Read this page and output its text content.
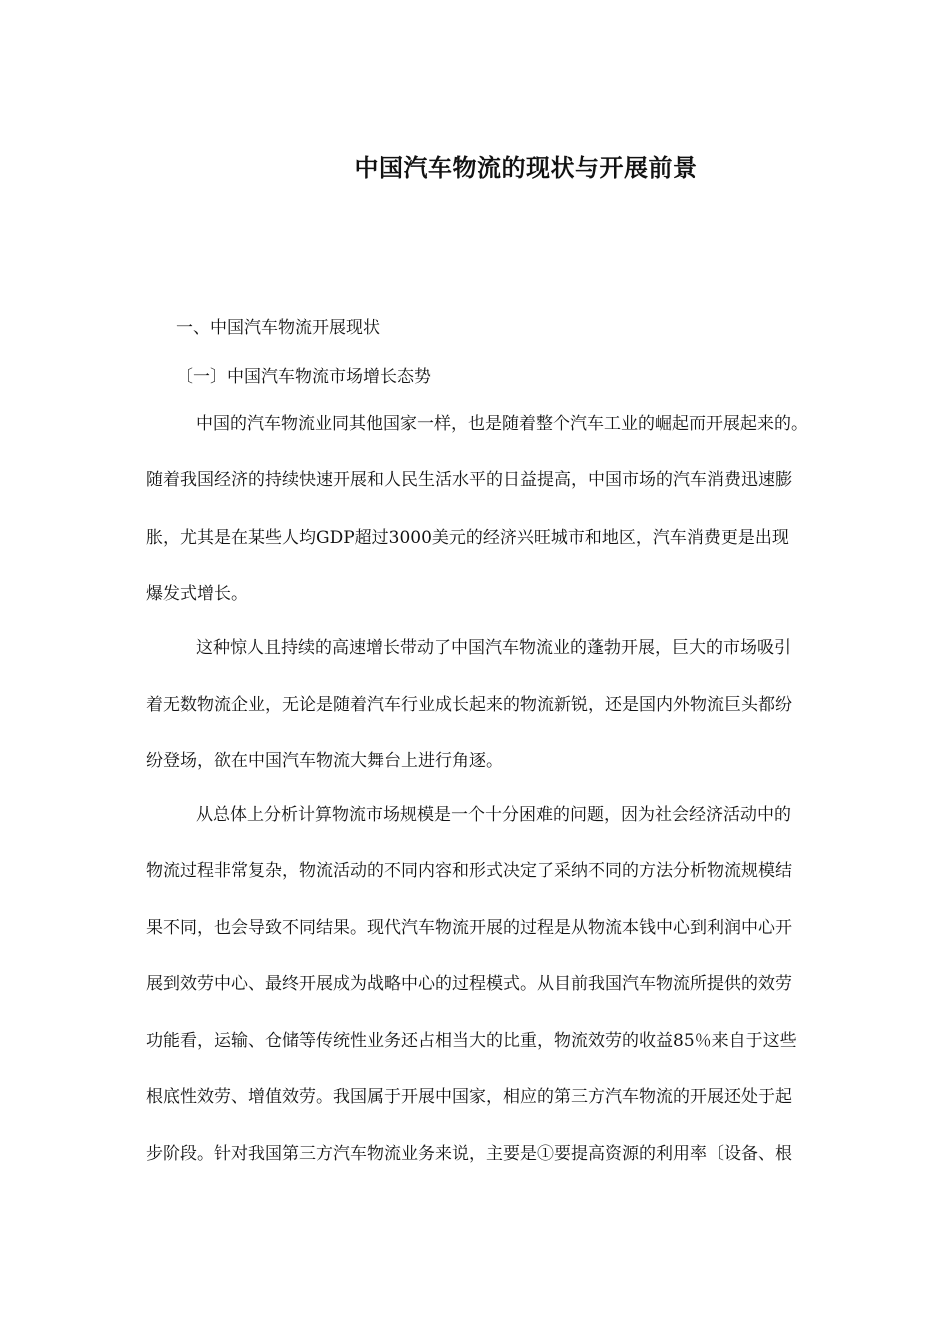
中国汽车物流的现状与开展前景
一、中国汽车物流开展现状
〔一〕中国汽车物流市场增长态势
中国的汽车物流业同其他国家一样，也是随着整个汽车工业的崛起而开展起来的。
随着我国经济的持续快速开展和人民生活水平的日益提高，中国市场的汽车消费迅速膨
胀，尤其是在某些人均GDP超过3000美元的经济兴旺城市和地区，汽车消费更是出现
爆发式增长。
这种惊人且持续的高速增长带动了中国汽车物流业的蓬勃开展，巨大的市场吸引
着无数物流企业，无论是随着汽车行业成长起来的物流新锐，还是国内外物流巨头都纷
纷登场，欲在中国汽车物流大舞台上进行角逐。
从总体上分析计算物流市场规模是一个十分困难的问题，因为社会经济活动中的
物流过程非常复杂，物流活动的不同内容和形式决定了采纳不同的方法分析物流规模结
果不同，也会导致不同结果。现代汽车物流开展的过程是从物流本钱中心到利润中心开
展到效劳中心、最终开展成为战略中心的过程模式。从目前我国汽车物流所提供的效劳
功能看，运输、仓储等传统性业务还占相当大的比重，物流效劳的收益85％来自于这些
根底性效劳、增值效劳。我国属于开展中国家，相应的第三方汽车物流的开展还处于起
步阶段。针对我国第三方汽车物流业务来说，主要是①要提高资源的利用率〔设备、根
